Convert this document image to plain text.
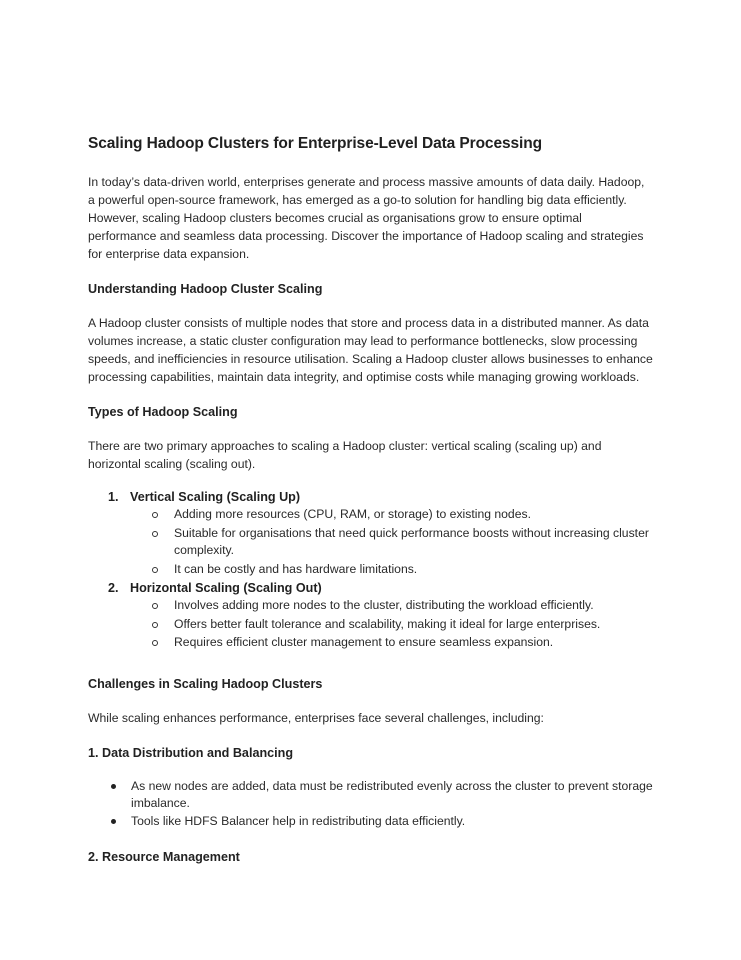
Scaling Hadoop Clusters for Enterprise-Level Data Processing

In today’s data-driven world, enterprises generate and process massive amounts of data daily. Hadoop, a powerful open-source framework, has emerged as a go-to solution for handling big data efficiently. However, scaling Hadoop clusters becomes crucial as organisations grow to ensure optimal performance and seamless data processing. Discover the importance of Hadoop scaling and strategies for enterprise data expansion.

Understanding Hadoop Cluster Scaling

A Hadoop cluster consists of multiple nodes that store and process data in a distributed manner. As data volumes increase, a static cluster configuration may lead to performance bottlenecks, slow processing speeds, and inefficiencies in resource utilisation. Scaling a Hadoop cluster allows businesses to enhance processing capabilities, maintain data integrity, and optimise costs while managing growing workloads.

Types of Hadoop Scaling

There are two primary approaches to scaling a Hadoop cluster: vertical scaling (scaling up) and horizontal scaling (scaling out).

1. Vertical Scaling (Scaling Up)
Adding more resources (CPU, RAM, or storage) to existing nodes.
Suitable for organisations that need quick performance boosts without increasing cluster complexity.
It can be costly and has hardware limitations.
2. Horizontal Scaling (Scaling Out)
Involves adding more nodes to the cluster, distributing the workload efficiently.
Offers better fault tolerance and scalability, making it ideal for large enterprises.
Requires efficient cluster management to ensure seamless expansion.
Challenges in Scaling Hadoop Clusters

While scaling enhances performance, enterprises face several challenges, including:

1. Data Distribution and Balancing
As new nodes are added, data must be redistributed evenly across the cluster to prevent storage imbalance.
Tools like HDFS Balancer help in redistributing data efficiently.
2. Resource Management
